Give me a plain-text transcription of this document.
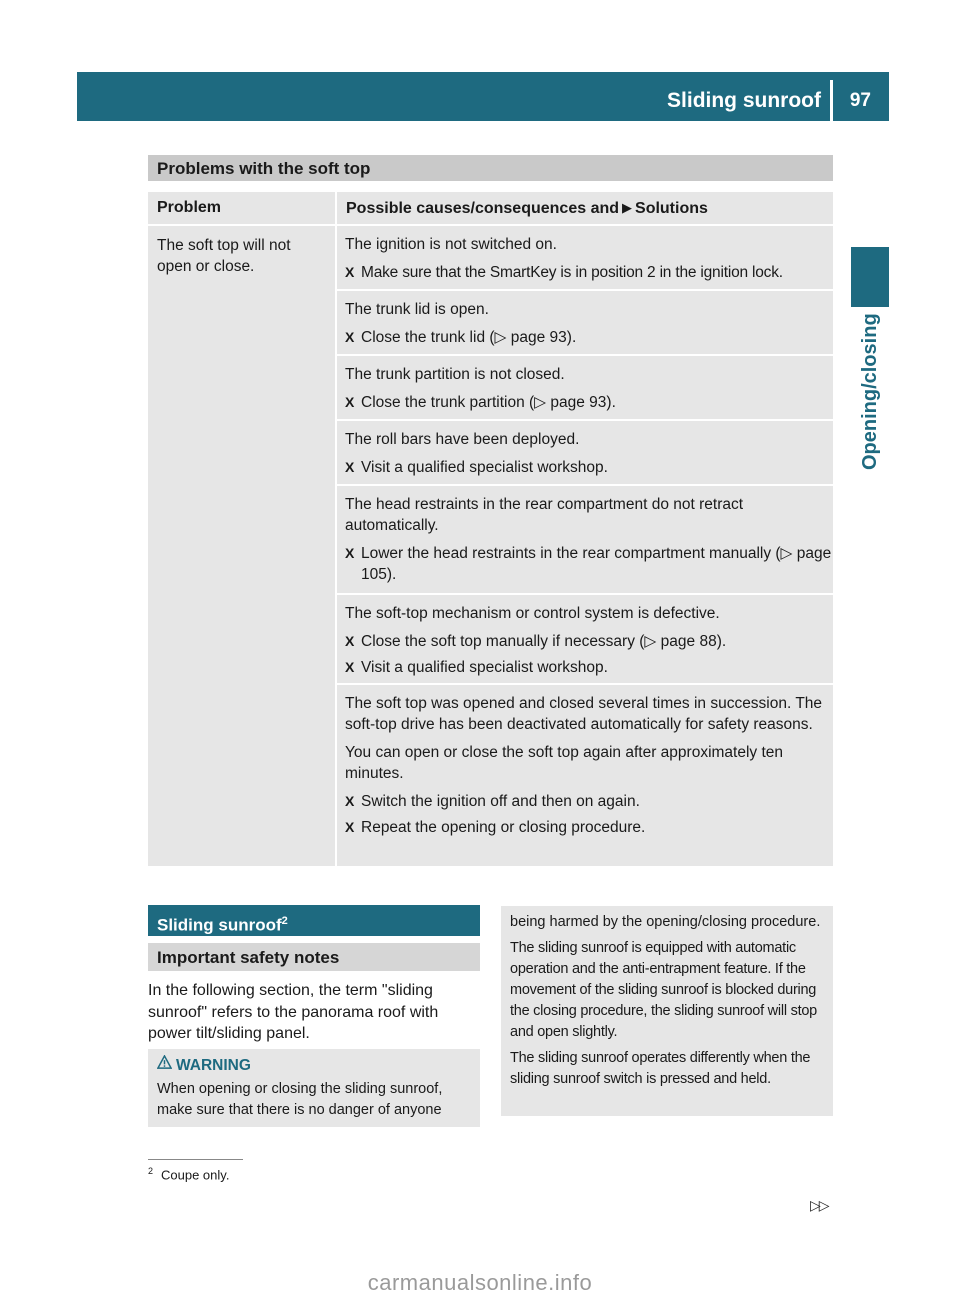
Sliding sunroof 97
Opening/closing
Problems with the soft top
Problem	Possible causes/consequences and ▶ Solutions
The soft top will not open or close.

The ignition is not switched on.

X Make sure that the SmartKey is in position 2 in the ignition lock.

The trunk lid is open.

X Close the trunk lid (▷ page 93).

The trunk partition is not closed.

X Close the trunk partition (▷ page 93).

The roll bars have been deployed.

X Visit a qualified specialist workshop.

The head restraints in the rear compartment do not retract automatically.

X Lower the head restraints in the rear compartment manually (▷ page 105).

The soft-top mechanism or control system is defective.

X Close the soft top manually if necessary (▷ page 88).
X Visit a qualified specialist workshop.

The soft top was opened and closed several times in succession. The soft-top drive has been deactivated automatically for safety reasons.

You can open or close the soft top again after approximately ten minutes.

X Switch the ignition off and then on again.
X Repeat the opening or closing procedure.
Sliding sunroof$^2$
Important safety notes
In the following section, the term "sliding sunroof" refers to the panorama roof with power tilt/sliding panel.
WARNING
When opening or closing the sliding sunroof, make sure that there is no danger of anyone

being harmed by the opening/closing procedure.

The sliding sunroof is equipped with automatic operation and the anti-entrapment feature. If the movement of the sliding sunroof is blocked during the closing procedure, the sliding sunroof will stop and open slightly.

The sliding sunroof operates differently when the sliding sunroof switch is pressed and held.

$^2$ Coupe only.
▷▷
carmanualsonline.info
